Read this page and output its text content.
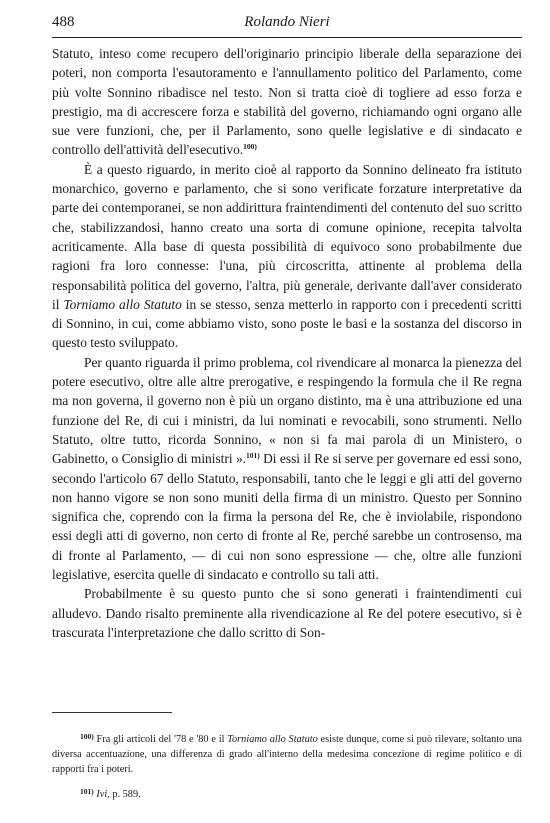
488	Rolando Nieri

Statuto, inteso come recupero dell'originario principio liberale della separazione dei poteri, non comporta l'esautoramento e l'annullamento politico del Parlamento, come più volte Sonnino ribadisce nel testo. Non si tratta cioè di togliere ad esso forza e prestigio, ma di accrescere forza e stabilità del governo, richiamando ogni organo alle sue vere funzioni, che, per il Parlamento, sono quelle legislative e di sindacato e controllo dell'attività dell'esecutivo.$^{100)}$

È a questo riguardo, in merito cioè al rapporto da Sonnino delineato fra istituto monarchico, governo e parlamento, che si sono verificate forzature interpretative da parte dei contemporanei, se non addirittura fraintendimenti del contenuto del suo scritto che, stabilizzandosi, hanno creato una sorta di comune opinione, recepita talvolta acriticamente. Alla base di questa possibilità di equivoco sono probabilmente due ragioni fra loro connesse: l'una, più circoscritta, attinente al problema della responsabilità politica del governo, l'altra, più generale, derivante dall'aver considerato il Torniamo allo Statuto in se stesso, senza metterlo in rapporto con i precedenti scritti di Sonnino, in cui, come abbiamo visto, sono poste le basi e la sostanza del discorso in questo testo sviluppato.

Per quanto riguarda il primo problema, col rivendicare al monarca la pienezza del potere esecutivo, oltre alle altre prerogative, e respingendo la formula che il Re regna ma non governa, il governo non è più un organo distinto, ma è una attribuzione ed una funzione del Re, di cui i ministri, da lui nominati e revocabili, sono strumenti. Nello Statuto, oltre tutto, ricorda Sonnino, « non si fa mai parola di un Ministero, o Gabinetto, o Consiglio di ministri ».$^{101)}$ Di essi il Re si serve per governare ed essi sono, secondo l'articolo 67 dello Statuto, responsabili, tanto che le leggi e gli atti del governo non hanno vigore se non sono muniti della firma di un ministro. Questo per Sonnino significa che, coprendo con la firma la persona del Re, che è inviolabile, rispondono essi degli atti di governo, non certo di fronte al Re, perché sarebbe un controsenso, ma di fronte al Parlamento, — di cui non sono espressione — che, oltre alle funzioni legislative, esercita quelle di sindacato e controllo su tali atti.

Probabilmente è su questo punto che si sono generati i fraintendimenti cui alludevo. Dando risalto preminente alla rivendicazione al Re del potere esecutivo, si è trascurata l'interpretazione che dallo scritto di Son-

$^{100)}$ Fra gli articoli del '78 e '80 e il Torniamo allo Statuto esiste dunque, come si può rilevare, soltanto una diversa accentuazione, una differenza di grado all'interno della medesima concezione di regime politico e di rapporti fra i poteri.

$^{101)}$ Ivi, p. 589.
